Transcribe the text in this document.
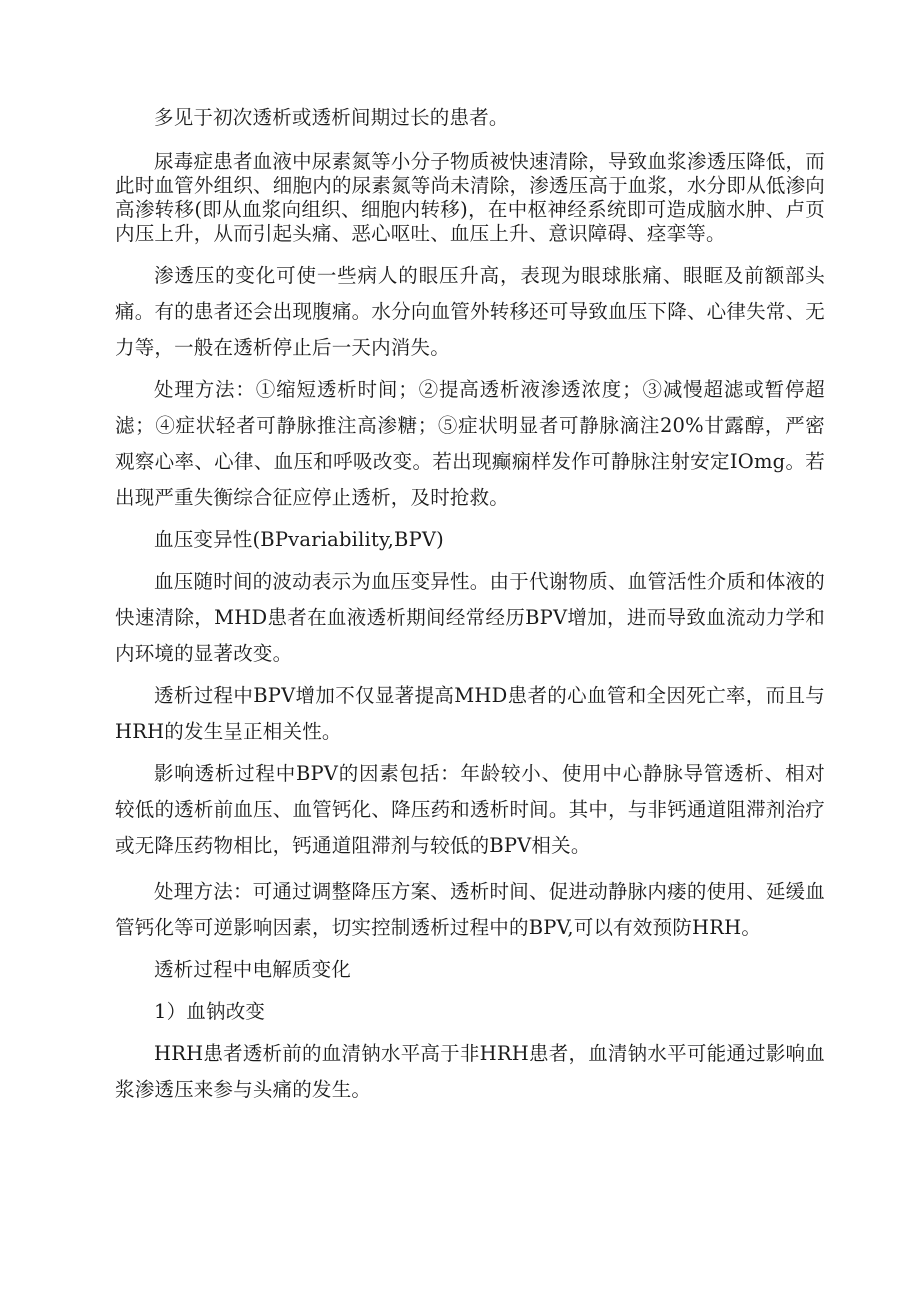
多见于初次透析或透析间期过长的患者。

尿毒症患者血液中尿素氮等小分子物质被快速清除，导致血浆渗透压降低，而此时血管外组织、细胞内的尿素氮等尚未清除，渗透压高于血浆，水分即从低渗向高渗转移(即从血浆向组织、细胞内转移)，在中枢神经系统即可造成脑水肿、卢页内压上升，从而引起头痛、恶心呕吐、血压上升、意识障碍、痉挛等。

渗透压的变化可使一些病人的眼压升高，表现为眼球胀痛、眼眶及前额部头痛。有的患者还会出现腹痛。水分向血管外转移还可导致血压下降、心律失常、无力等，一般在透析停止后一天内消失。

处理方法：①缩短透析时间；②提高透析液渗透浓度；③减慢超滤或暂停超滤；④症状轻者可静脉推注高渗糖；⑤症状明显者可静脉滴注20%甘露醇，严密观察心率、心律、血压和呼吸改变。若出现癫痫样发作可静脉注射安定IOmg。若出现严重失衡综合征应停止透析，及时抢救。

血压变异性(BPvariability,BPV)

血压随时间的波动表示为血压变异性。由于代谢物质、血管活性介质和体液的快速清除，MHD患者在血液透析期间经常经历BPV增加，进而导致血流动力学和内环境的显著改变。

透析过程中BPV增加不仅显著提高MHD患者的心血管和全因死亡率，而且与HRH的发生呈正相关性。

影响透析过程中BPV的因素包括：年龄较小、使用中心静脉导管透析、相对较低的透析前血压、血管钙化、降压药和透析时间。其中，与非钙通道阻滞剂治疗或无降压药物相比，钙通道阻滞剂与较低的BPV相关。

处理方法：可通过调整降压方案、透析时间、促进动静脉内瘘的使用、延缓血管钙化等可逆影响因素，切实控制透析过程中的BPV,可以有效预防HRH。

透析过程中电解质变化

1）血钠改变

HRH患者透析前的血清钠水平高于非HRH患者，血清钠水平可能通过影响血浆渗透压来参与头痛的发生。
